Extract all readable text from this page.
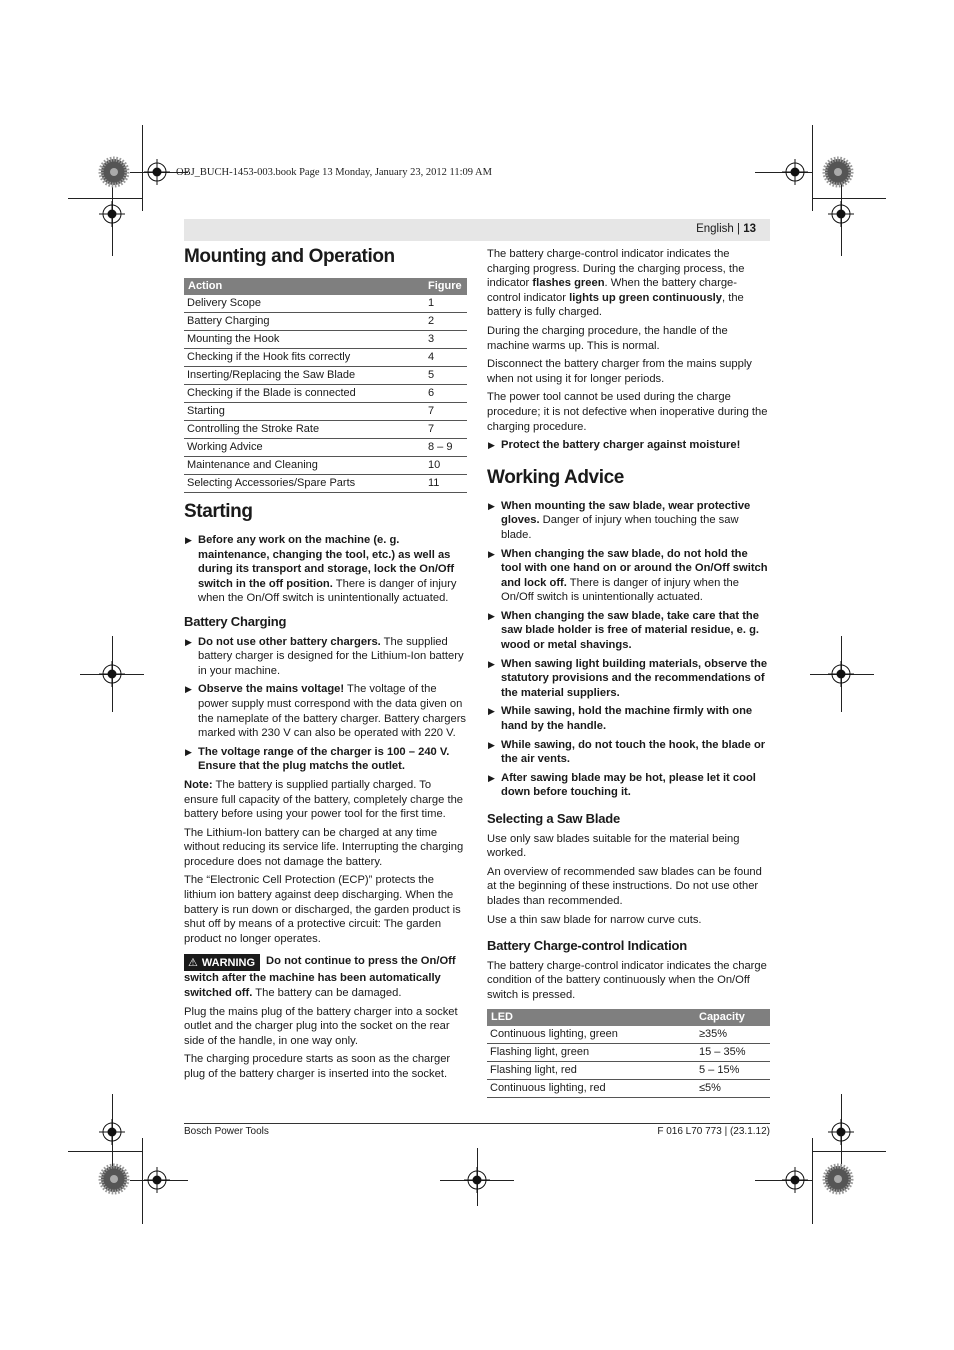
OBJ_BUCH-1453-003.book Page 13 Monday, January 23, 2012 11:09 AM
English | 13
Mounting and Operation
Action	Figure
Delivery Scope	1
Battery Charging	2
Mounting the Hook	3
Checking if the Hook fits correctly	4
Inserting/Replacing the Saw Blade	5
Checking if the Blade is connected	6
Starting	7
Controlling the Stroke Rate	7
Working Advice	8 – 9
Maintenance and Cleaning	10
Selecting Accessories/Spare Parts	11
Starting
▶ Before any work on the machine (e. g. maintenance, changing the tool, etc.) as well as during its transport and storage, lock the On/Off switch in the off position. There is danger of injury when the On/Off switch is unintentionally actuated.
Battery Charging
▶ Do not use other battery chargers. The supplied battery charger is designed for the Lithium-Ion battery in your machine.
▶ Observe the mains voltage! The voltage of the power supply must correspond with the data given on the nameplate of the battery charger. Battery chargers marked with 230 V can also be operated with 220 V.
▶ The voltage range of the charger is 100 – 240 V. Ensure that the plug matchs the outlet.

Note: The battery is supplied partially charged. To ensure full capacity of the battery, completely charge the battery before using your power tool for the first time.

The Lithium-Ion battery can be charged at any time without reducing its service life. Interrupting the charging procedure does not damage the battery.

The “Electronic Cell Protection (ECP)” protects the lithium ion battery against deep discharging. When the battery is run down or discharged, the garden product is shut off by means of a protective circuit: The garden product no longer operates.

⚠ WARNING Do not continue to press the On/Off switch after the machine has been automatically switched off. The battery can be damaged.

Plug the mains plug of the battery charger into a socket outlet and the charger plug into the socket on the rear side of the handle, in one way only.

The charging procedure starts as soon as the charger plug of the battery charger is inserted into the socket.

The battery charge-control indicator indicates the charging progress. During the charging process, the indicator flashes green. When the battery charge-control indicator lights up green continuously, the battery is fully charged.

During the charging procedure, the handle of the machine warms up. This is normal.

Disconnect the battery charger from the mains supply when not using it for longer periods.

The power tool cannot be used during the charge procedure; it is not defective when inoperative during the charging procedure.

▶ Protect the battery charger against moisture!
Working Advice
▶ When mounting the saw blade, wear protective gloves. Danger of injury when touching the saw blade.
▶ When changing the saw blade, do not hold the tool with one hand on or around the On/Off switch and lock off. There is danger of injury when the On/Off switch is unintentionally actuated.
▶ When changing the saw blade, take care that the saw blade holder is free of material residue, e. g. wood or metal shavings.
▶ When sawing light building materials, observe the statutory provisions and the recommendations of the material suppliers.
▶ While sawing, hold the machine firmly with one hand by the handle.
▶ While sawing, do not touch the hook, the blade or the air vents.
▶ After sawing blade may be hot, please let it cool down before touching it.
Selecting a Saw Blade

Use only saw blades suitable for the material being worked.

An overview of recommended saw blades can be found at the beginning of these instructions. Do not use other blades than recommended.

Use a thin saw blade for narrow curve cuts.

Battery Charge-control Indication

The battery charge-control indicator indicates the charge condition of the battery continuously when the On/Off switch is pressed.

LED	Capacity
Continuous lighting, green	≥35%
Flashing light, green	15 – 35%
Flashing light, red	5 – 15%
Continuous lighting, red	≤5%
Bosch Power Tools	F 016 L70 773 | (23.1.12)
